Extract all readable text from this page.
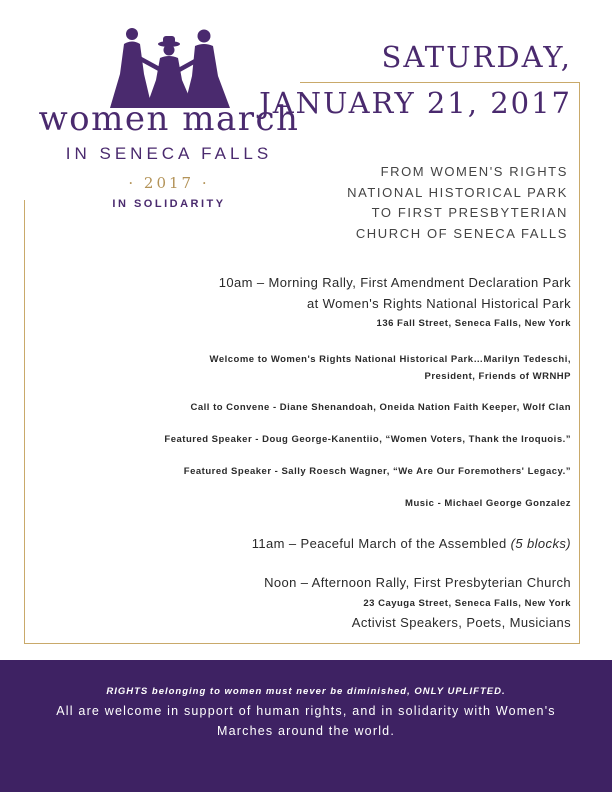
women march
IN SENECA FALLS
· 2017 ·
IN SOLIDARITY
SATURDAY,
JANUARY 21, 2017
FROM WOMEN'S RIGHTS
NATIONAL HISTORICAL PARK
TO FIRST PRESBYTERIAN
CHURCH OF SENECA FALLS
10am – Morning Rally, First Amendment Declaration Park
at Women's Rights National Historical Park
136 Fall Street, Seneca Falls, New York
Welcome to Women's Rights National Historical Park…Marilyn Tedeschi,
President, Friends of WRNHP
Call to Convene - Diane Shenandoah, Oneida Nation Faith Keeper, Wolf Clan
Featured Speaker - Doug George-Kanentiio, “Women Voters, Thank the Iroquois.”
Featured Speaker - Sally Roesch Wagner, “We Are Our Foremothers' Legacy.”
Music - Michael George Gonzalez
11am – Peaceful March of the Assembled (5 blocks)
Noon – Afternoon Rally, First Presbyterian Church
23 Cayuga Street, Seneca Falls, New York
Activist Speakers, Poets, Musicians
RIGHTS belonging to women must never be diminished, ONLY UPLIFTED.
All are welcome in support of human rights, and in solidarity with Women's
Marches around the world.
